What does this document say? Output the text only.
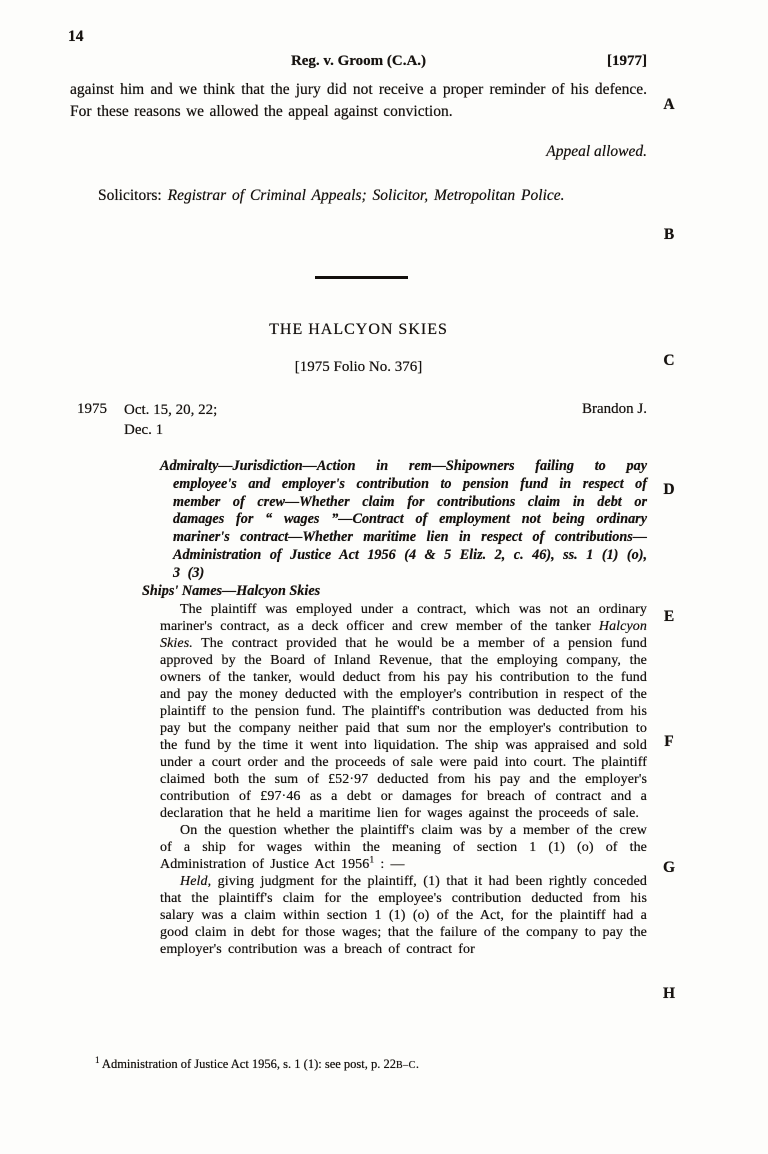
14
Reg. v. Groom (C.A.)	[1977]
against him and we think that the jury did not receive a proper reminder of his defence. For these reasons we allowed the appeal against conviction.
Appeal allowed.
Solicitors: Registrar of Criminal Appeals; Solicitor, Metropolitan Police.
THE HALCYON SKIES
[1975 Folio No. 376]
1975 Oct. 15, 20, 22;
Dec. 1
Brandon J.
Admiralty—Jurisdiction—Action in rem—Shipowners failing to pay employee's and employer's contribution to pension fund in respect of member of crew—Whether claim for contributions claim in debt or damages for “ wages ”—Contract of employment not being ordinary mariner's contract—Whether maritime lien in respect of contributions—Administration of Justice Act 1956 (4 & 5 Eliz. 2, c. 46), ss. 1 (1) (o), 3 (3)
Ships' Names—Halcyon Skies

The plaintiff was employed under a contract, which was not an ordinary mariner's contract, as a deck officer and crew member of the tanker Halcyon Skies. The contract provided that he would be a member of a pension fund approved by the Board of Inland Revenue, that the employing company, the owners of the tanker, would deduct from his pay his contribution to the fund and pay the money deducted with the employer's contribution in respect of the plaintiff to the pension fund. The plaintiff's contribution was deducted from his pay but the company neither paid that sum nor the employer's contribution to the fund by the time it went into liquidation. The ship was appraised and sold under a court order and the proceeds of sale were paid into court. The plaintiff claimed both the sum of £52·97 deducted from his pay and the employer's contribution of £97·46 as a debt or damages for breach of contract and a declaration that he held a maritime lien for wages against the proceeds of sale.

On the question whether the plaintiff's claim was by a member of the crew of a ship for wages within the meaning of section 1 (1) (o) of the Administration of Justice Act 1956$^1$ : —

Held, giving judgment for the plaintiff, (1) that it had been rightly conceded that the plaintiff's claim for the employee's contribution deducted from his salary was a claim within section 1 (1) (o) of the Act, for the plaintiff had a good claim in debt for those wages; that the failure of the company to pay the employer's contribution was a breach of contract for

$^1$ Administration of Justice Act 1956, s. 1 (1): see post, p. 22B–C.
A
B
C
D
E
F
G
H
